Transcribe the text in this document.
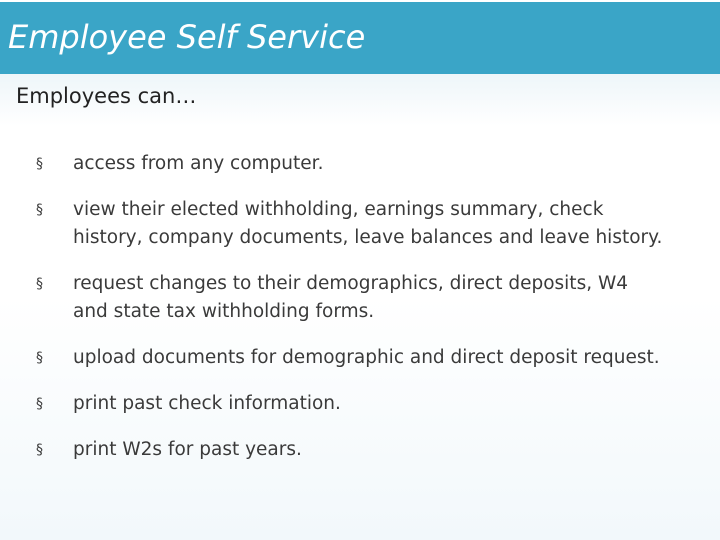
Employee Self Service
Employees can…
§ access from any computer.
§ view their elected withholding, earnings summary, check
history, company documents, leave balances and leave history.
§ request changes to their demographics, direct deposits, W4
and state tax withholding forms.
§ upload documents for demographic and direct deposit request.
§ print past check information.
§ print W2s for past years.
